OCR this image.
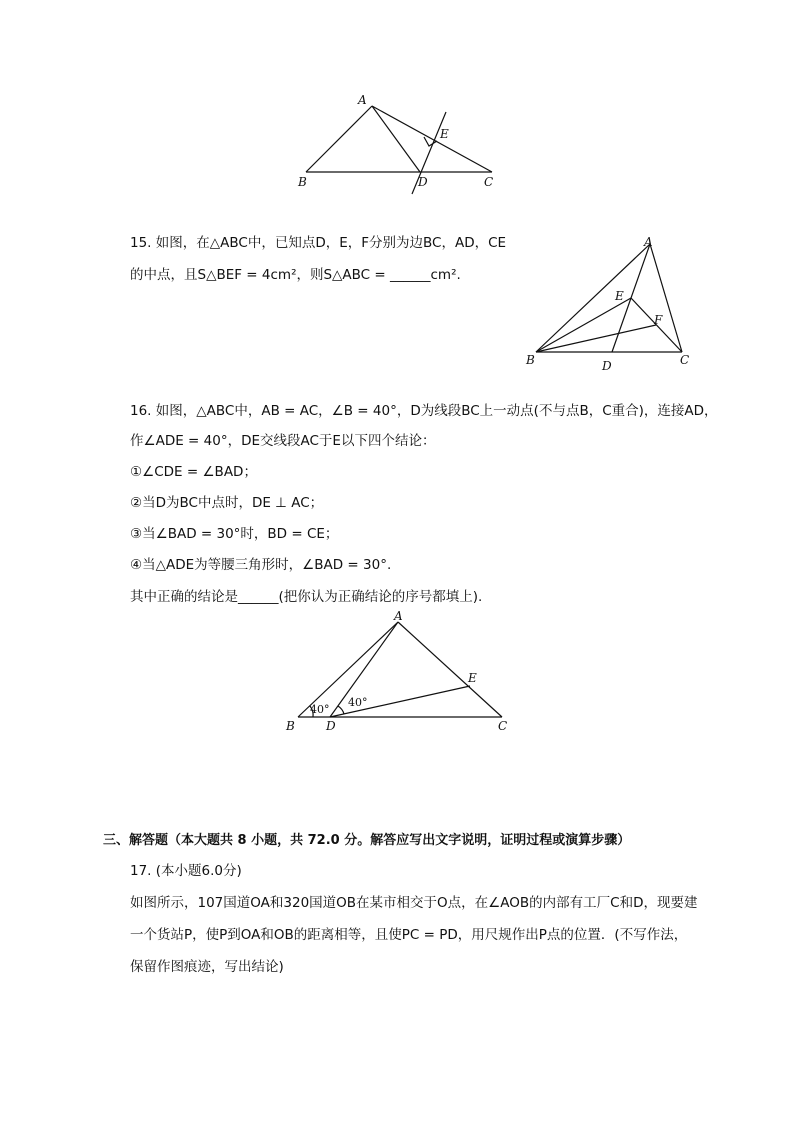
A
E
B	D	C
15. 如图，在△ABC中，已知点D，E，F分别为边BC，AD，CE
的中点，且S△BEF = 4cm²，则S△ABC = ______cm².
A
E
F
B	D	C
16. 如图，△ABC中，AB = AC，∠B = 40°，D为线段BC上一动点(不与点B，C重合)，连接AD，
作∠ADE = 40°，DE交线段AC于E以下四个结论：
①∠CDE = ∠BAD；
②当D为BC中点时，DE ⊥ AC；
③当∠BAD = 30°时，BD = CE；
④当△ADE为等腰三角形时，∠BAD = 30°.
其中正确的结论是______(把你认为正确结论的序号都填上).
A
E
40°
40°
B	D	C
三、解答题（本大题共 8 小题，共 72.0 分。解答应写出文字说明，证明过程或演算步骤）
17. (本小题6.0分)
如图所示，107国道OA和320国道OB在某市相交于O点，在∠AOB的内部有工厂C和D，现要建
一个货站P，使P到OA和OB的距离相等，且使PC = PD，用尺规作出P点的位置．(不写作法，
保留作图痕迹，写出结论)
